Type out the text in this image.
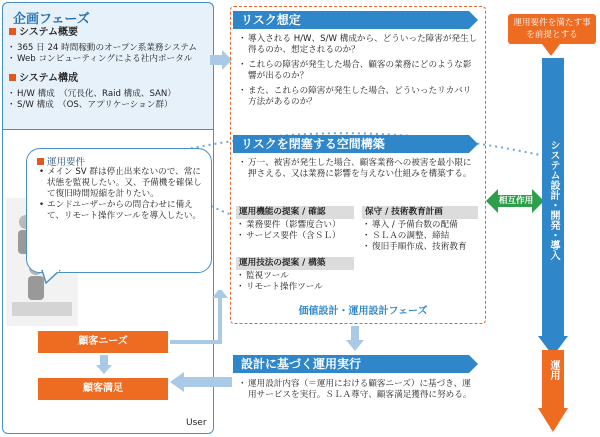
User
企画フェーズ
システム概要
・ 365 日 24 時間稼動のオープン系業務システム
・ Web コンピューティングによる社内ポータル
システム構成
・ H/W 構成　（冗長化、Raid 構成、SAN）
・ S/W 構成　（OS、アプリケーション群）
運用要件
• メイン SV 群は停止出来ないので、常に状態を監視したい。又、予備機を確保して復旧時間短縮を計りたい。
• エンドユーザーからの問合わせに備えて、リモート操作ツールを導入したい。
顧客ニーズ
顧客満足
リスク想定
・ 導入される H/W、S/W 構成から、どういった障害が発生し得るのか、想定されるのか？
・ これらの障害が発生した場合、顧客の業務にどのような影響が出るのか？
・ また、これらの障害が発生した場合、どういったリカバリ方法があるのか？
リスクを閉塞する空間構築
・ 万一、被害が発生した場合、顧客業務への被害を最小限に押さえる、又は業務に影響を与えない仕組みを構築する。
運用機能の提案 / 確認
・ 業務要件（影響度合い）
・ サービス要件（含ＳＬ）
保守 / 技術教育計画
・ 導入 / 予備台数の配備
・ ＳＬＡの調整、締結
・ 復旧手順作成、技術教育
運用技法の提案 / 構築
・ 監視ツール
・ リモート操作ツール
価値設計・運用設計フェーズ
設計に基づく運用実行
・ 運用設計内容（＝運用における顧客ニーズ）に基づき、運用サービスを実行。ＳＬＡ尊守、顧客満足獲得に努める。
相互作用
運用要件を満たす事を前提とする
システム設計・開発・導入
運用
